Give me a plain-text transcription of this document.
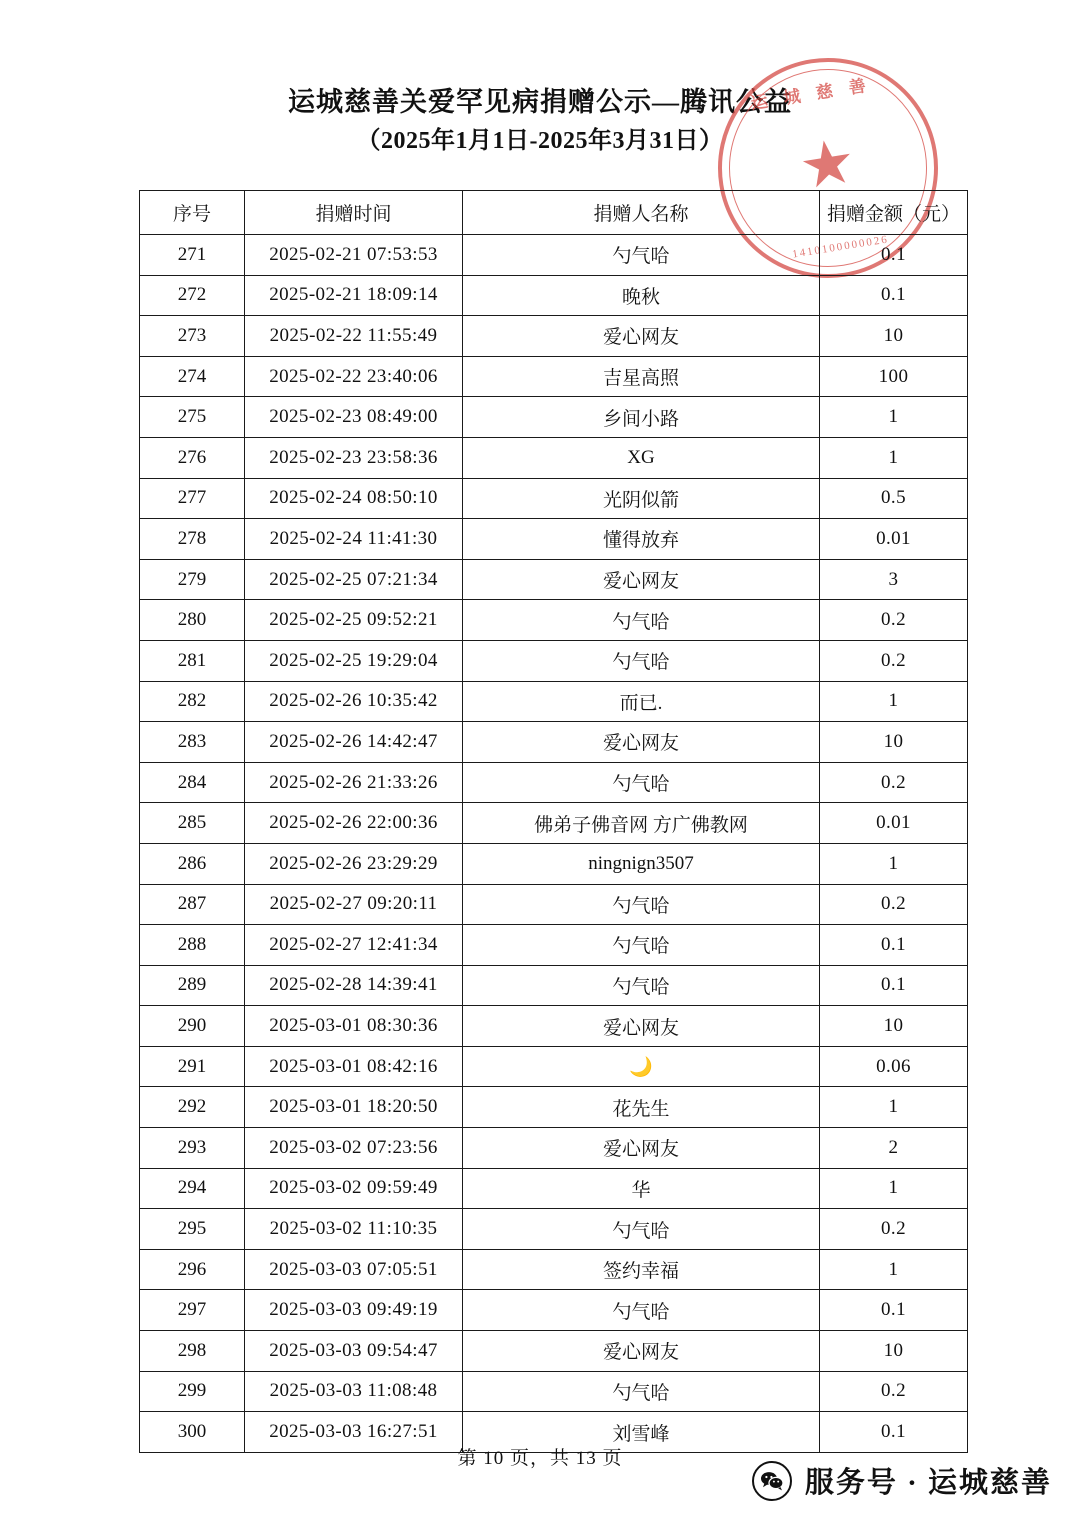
运城慈善关爱罕见病捐赠公示—腾讯公益
（2025年1月1日-2025年3月31日）
运城慈善
★
1410100000026
序号	捐赠时间	捐赠人名称	捐赠金额（元）
271	2025-02-21 07:53:53	勺气哈	0.1
272	2025-02-21 18:09:14	晚秋	0.1
273	2025-02-22 11:55:49	爱心网友	10
274	2025-02-22 23:40:06	吉星高照	100
275	2025-02-23 08:49:00	乡间小路	1
276	2025-02-23 23:58:36	XG	1
277	2025-02-24 08:50:10	光阴似箭	0.5
278	2025-02-24 11:41:30	懂得放弃	0.01
279	2025-02-25 07:21:34	爱心网友	3
280	2025-02-25 09:52:21	勺气哈	0.2
281	2025-02-25 19:29:04	勺气哈	0.2
282	2025-02-26 10:35:42	而已.	1
283	2025-02-26 14:42:47	爱心网友	10
284	2025-02-26 21:33:26	勺气哈	0.2
285	2025-02-26 22:00:36	佛弟子佛音网 方广佛教网	0.01
286	2025-02-26 23:29:29	ningnign3507	1
287	2025-02-27 09:20:11	勺气哈	0.2
288	2025-02-27 12:41:34	勺气哈	0.1
289	2025-02-28 14:39:41	勺气哈	0.1
290	2025-03-01 08:30:36	爱心网友	10
291	2025-03-01 08:42:16	🌙	0.06
292	2025-03-01 18:20:50	花先生	1
293	2025-03-02 07:23:56	爱心网友	2
294	2025-03-02 09:59:49	华	1
295	2025-03-02 11:10:35	勺气哈	0.2
296	2025-03-03 07:05:51	签约幸福	1
297	2025-03-03 09:49:19	勺气哈	0.1
298	2025-03-03 09:54:47	爱心网友	10
299	2025-03-03 11:08:48	勺气哈	0.2
300	2025-03-03 16:27:51	刘雪峰	0.1
第 10 页，共 13 页
服务号 · 运城慈善
